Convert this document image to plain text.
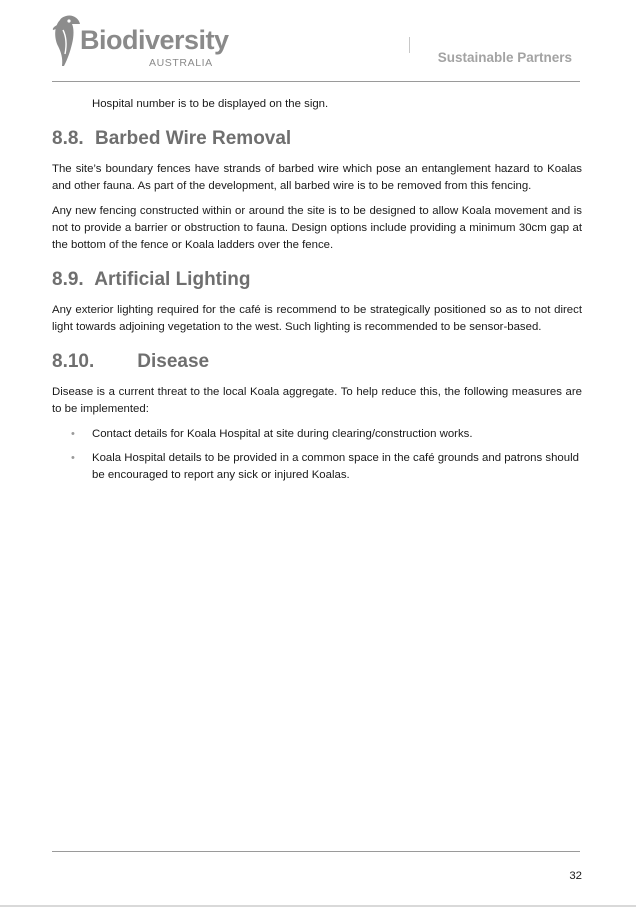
Biodiversity
AUSTRALIA	Sustainable Partners

Hospital number is to be displayed on the sign.

8.8. Barbed Wire Removal

The site’s boundary fences have strands of barbed wire which pose an entanglement hazard to Koalas and other fauna. As part of the development, all barbed wire is to be removed from this fencing.

Any new fencing constructed within or around the site is to be designed to allow Koala movement and is not to provide a barrier or obstruction to fauna. Design options include providing a minimum 30cm gap at the bottom of the fence or Koala ladders over the fence.

8.9. Artificial Lighting

Any exterior lighting required for the café is recommend to be strategically positioned so as to not direct light towards adjoining vegetation to the west. Such lighting is recommended to be sensor-based.

8.10. Disease

Disease is a current threat to the local Koala aggregate. To help reduce this, the following measures are to be implemented:

• Contact details for Koala Hospital at site during clearing/construction works.
• Koala Hospital details to be provided in a common space in the café grounds and patrons should be encouraged to report any sick or injured Koalas.
32
